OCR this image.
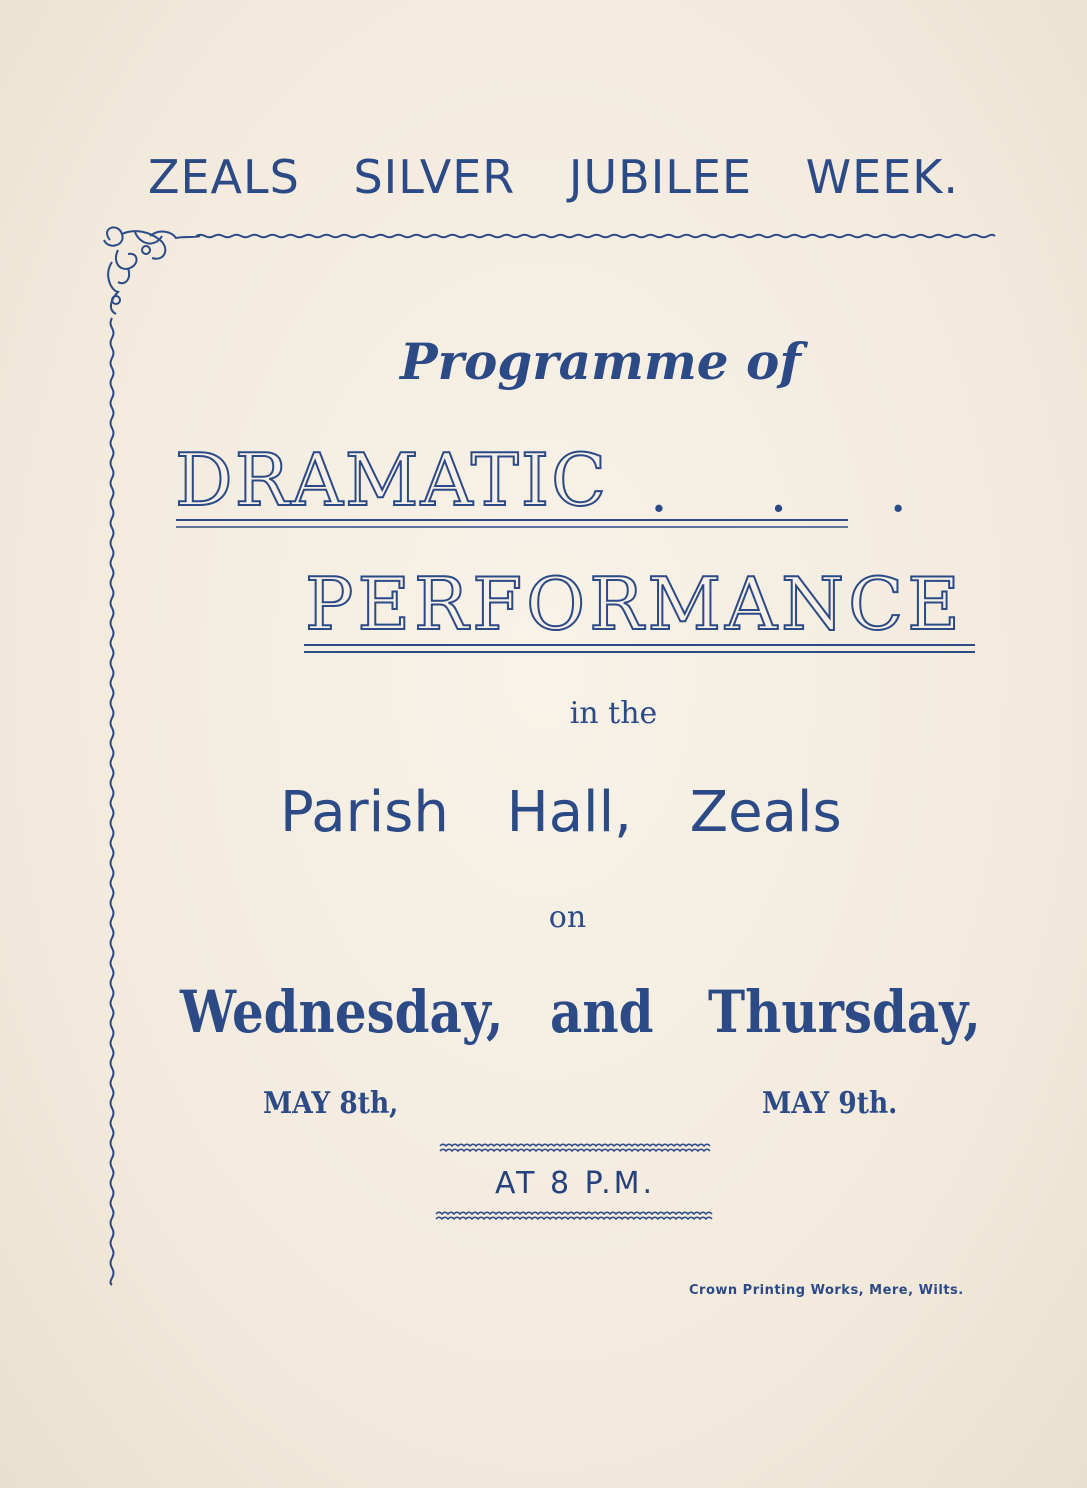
ZEALS SILVER JUBILEE WEEK.
Programme of
DRAMATIC . . .
PERFORMANCE
in the
Parish Hall, Zeals
on
Wednesday, and Thursday,
MAY 8th,	MAY 9th.
AT 8 P.M.
Crown Printing Works, Mere, Wilts.
